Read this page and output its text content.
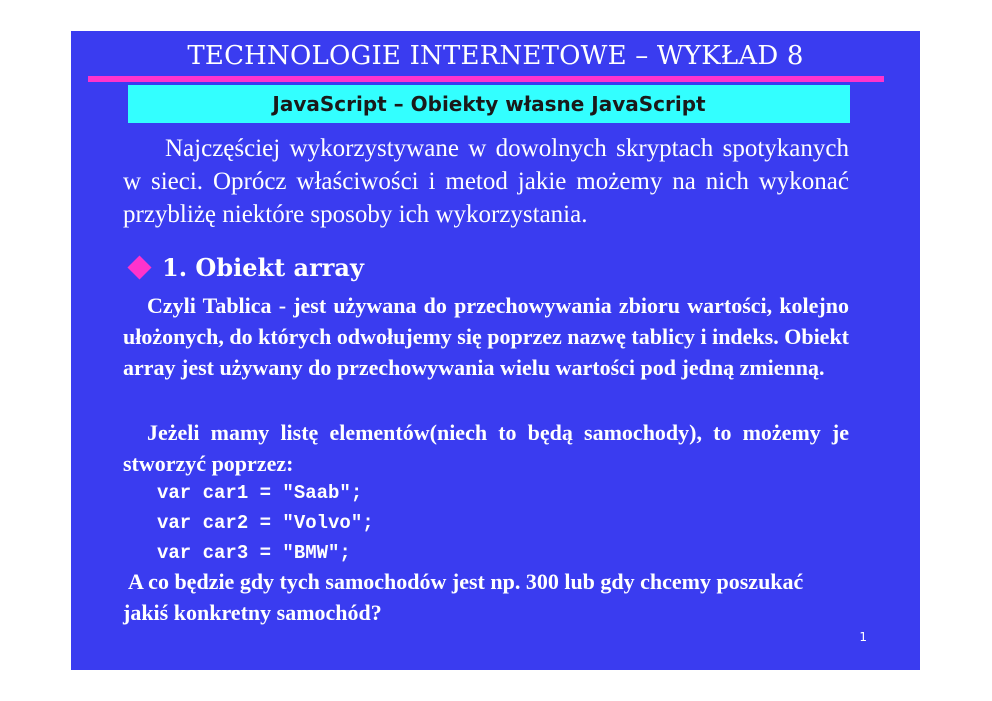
TECHNOLOGIE INTERNETOWE – WYKŁAD 8
JavaScript – Obiekty własne JavaScript

Najczęściej wykorzystywane w dowolnych skryptach spotykanych w sieci. Oprócz właściwości i metod jakie możemy na nich wykonać przybliżę niektóre sposoby ich wykorzystania.

1. Obiekt array

Czyli Tablica - jest używana do przechowywania zbioru wartości, kolejno ułożonych, do których odwołujemy się poprzez nazwę tablicy i indeks. Obiekt array jest używany do przechowywania wielu wartości pod jedną zmienną.

Jeżeli mamy listę elementów(niech to będą samochody), to możemy je stworzyć poprzez:

var car1 = "Saab";
var car2 = "Volvo";
var car3 = "BMW";

A co będzie gdy tych samochodów jest np. 300 lub gdy chcemy poszukać jakiś konkretny samochód?

1
